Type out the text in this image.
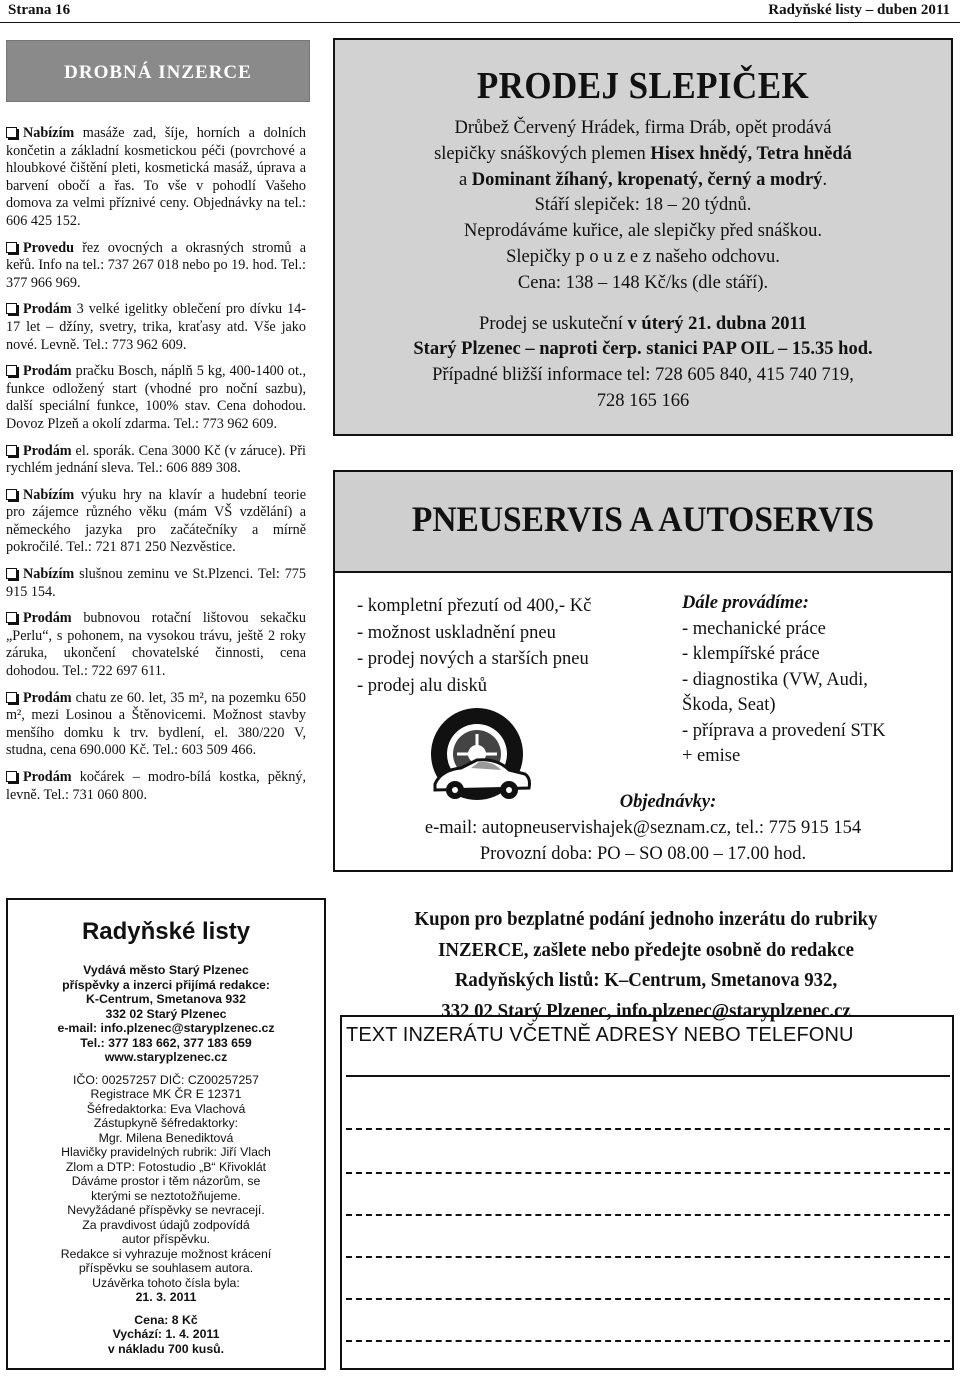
Strana 16	Radyňské listy – duben 2011
DROBNÁ INZERCE
Nabízím masáže zad, šíje, horních a dolních končetin a základní kosmetickou péči (povrchové a hloubkové čištění pleti, kosmetická masáž, úprava a barvení obočí a řas. To vše v pohodlí Vašeho domova za velmi příznivé ceny. Objednávky na tel.: 606 425 152.
Provedu řez ovocných a okrasných stromů a keřů. Info na tel.: 737 267 018 nebo po 19. hod. Tel.: 377 966 969.
Prodám 3 velké igelitky oblečení pro dívku 14-17 let – džíny, svetry, trika, kraťasy atd. Vše jako nové. Levně. Tel.: 773 962 609.
Prodám pračku Bosch, náplň 5 kg, 400-1400 ot., funkce odložený start (vhodné pro noční sazbu), další speciální funkce, 100% stav. Cena dohodou. Dovoz Plzeň a okolí zdarma. Tel.: 773 962 609.
Prodám el. sporák. Cena 3000 Kč (v záruce). Při rychlém jednání sleva. Tel.: 606 889 308.
Nabízím výuku hry na klavír a hudební teorie pro zájemce různého věku (mám VŠ vzdělání) a německého jazyka pro začátečníky a mírně pokročilé. Tel.: 721 871 250 Nezvěstice.
Nabízím slušnou zeminu ve St.Plzenci. Tel: 775 915 154.
Prodám bubnovou rotační lištovou sekačku „Perlu“, s pohonem, na vysokou trávu, ještě 2 roky záruka, ukončení chovatelské činnosti, cena dohodou. Tel.: 722 697 611.
Prodám chatu ze 60. let, 35 m², na pozemku 650 m², mezi Losinou a Štěnovicemi. Možnost stavby menšího domku k trv. bydlení, el. 380/220 V, studna, cena 690.000 Kč. Tel.: 603 509 466.
Prodám kočárek – modro-bílá kostka, pěkný, levně. Tel.: 731 060 800.
PRODEJ SLEPIČEK
Drůbež Červený Hrádek, firma Dráb, opět prodává
slepičky snáškových plemen Hisex hnědý, Tetra hnědá
a Dominant žíhaný, kropenatý, černý a modrý.
Stáří slepiček: 18 – 20 týdnů.
Neprodáváme kuřice, ale slepičky před snáškou.
Slepičky p o u z e z našeho odchovu.
Cena: 138 – 148 Kč/ks (dle stáří).
Prodej se uskuteční v úterý 21. dubna 2011
Starý Plzenec – naproti čerp. stanici PAP OIL – 15.35 hod.
Případné bližší informace tel: 728 605 840, 415 740 719,
728 165 166
PNEUSERVIS A AUTOSERVIS
- kompletní přezutí od 400,- Kč
- možnost uskladnění pneu
- prodej nových a starších pneu
- prodej alu disků
Dále provádíme:
- mechanické práce
- klempířské práce
- diagnostika (VW, Audi,
Škoda, Seat)
- příprava a provedení STK
+ emise
Objednávky:
e-mail: autopneuservishajek@seznam.cz, tel.: 775 915 154
Provozní doba: PO – SO 08.00 – 17.00 hod.
Radyňské listy
Vydává město Starý Plzenec
příspěvky a inzerci přijímá redakce:
K-Centrum, Smetanova 932
332 02 Starý Plzenec
e-mail: info.plzenec@staryplzenec.cz
Tel.: 377 183 662, 377 183 659
www.staryplzenec.cz
IČO: 00257257 DIČ: CZ00257257
Registrace MK ČR E 12371
Šéfredaktorka: Eva Vlachová
Zástupkyně šéfredaktorky:
Mgr. Milena Benediktová
Hlavičky pravidelných rubrik: Jiří Vlach
Zlom a DTP: Fotostudio „B“ Křivoklát
Dáváme prostor i těm názorům, se
kterými se neztotožňujeme.
Nevyžádané příspěvky se nevracejí.
Za pravdivost údajů zodpovídá
autor příspěvku.
Redakce si vyhrazuje možnost krácení
příspěvku se souhlasem autora.
Uzávěrka tohoto čísla byla:
21. 3. 2011
Cena: 8 Kč
Vychází: 1. 4. 2011
v nákladu 700 kusů.
Kupon pro bezplatné podání jednoho inzerátu do rubriky
INZERCE, zašlete nebo předejte osobně do redakce
Radyňských listů: K–Centrum, Smetanova 932,
332 02 Starý Plzenec, info.plzenec@staryplzenec.cz
TEXT INZERÁTU VČETNĚ ADRESY NEBO TELEFONU
